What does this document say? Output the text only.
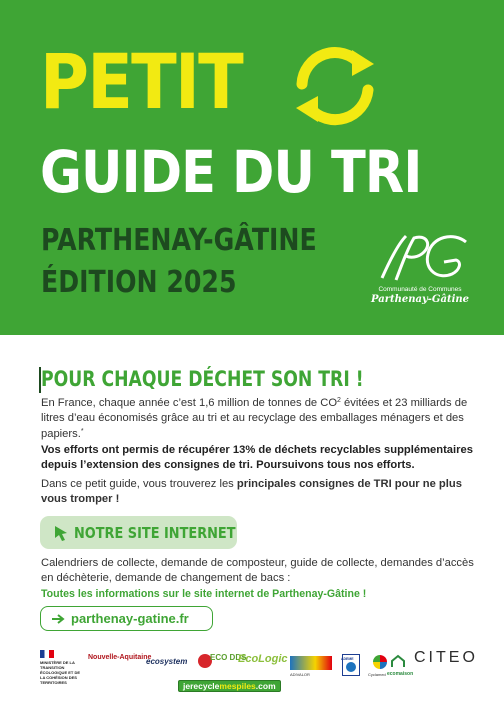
PETIT
GUIDE DU TRI
PARTHENAY-GÂTINE
ÉDITION 2025	Communauté de Communes
Parthenay-Gâtine
POUR CHAQUE DÉCHET SON TRI !

En France, chaque année c’est 1,6 million de tonnes de $CO^2$ évitées et 23 milliards de litres d’eau économisés grâce au tri et au recyclage des emballages ménagers et des papiers.*

Vos efforts ont permis de récupérer 13% de déchets recyclables supplémentaires depuis l’extension des consignes de tri. Poursuivons tous nos efforts.

Dans ce petit guide, vous trouverez les principales consignes de TRI pour ne plus vous tromper !

NOTRE SITE INTERNET

Calendriers de collecte, demande de composteur, guide de collecte, demandes d’accès en déchèterie, demande de changement de bacs :

Toutes les informations sur le site internet de Parthenay-Gâtine !

parthenay-gatine.fr
MINISTÈRE DE LA TRANSITION ÉCOLOGIQUE ET DE LA COHÉSION DES TERRITOIRES
Nouvelle-Aquitaine
ecosystem	ECO DDS
EcoLogic
ADIVALOR
ADEME
Cyclamed ecomaison
CITEO
jerecyclemespiles.com
